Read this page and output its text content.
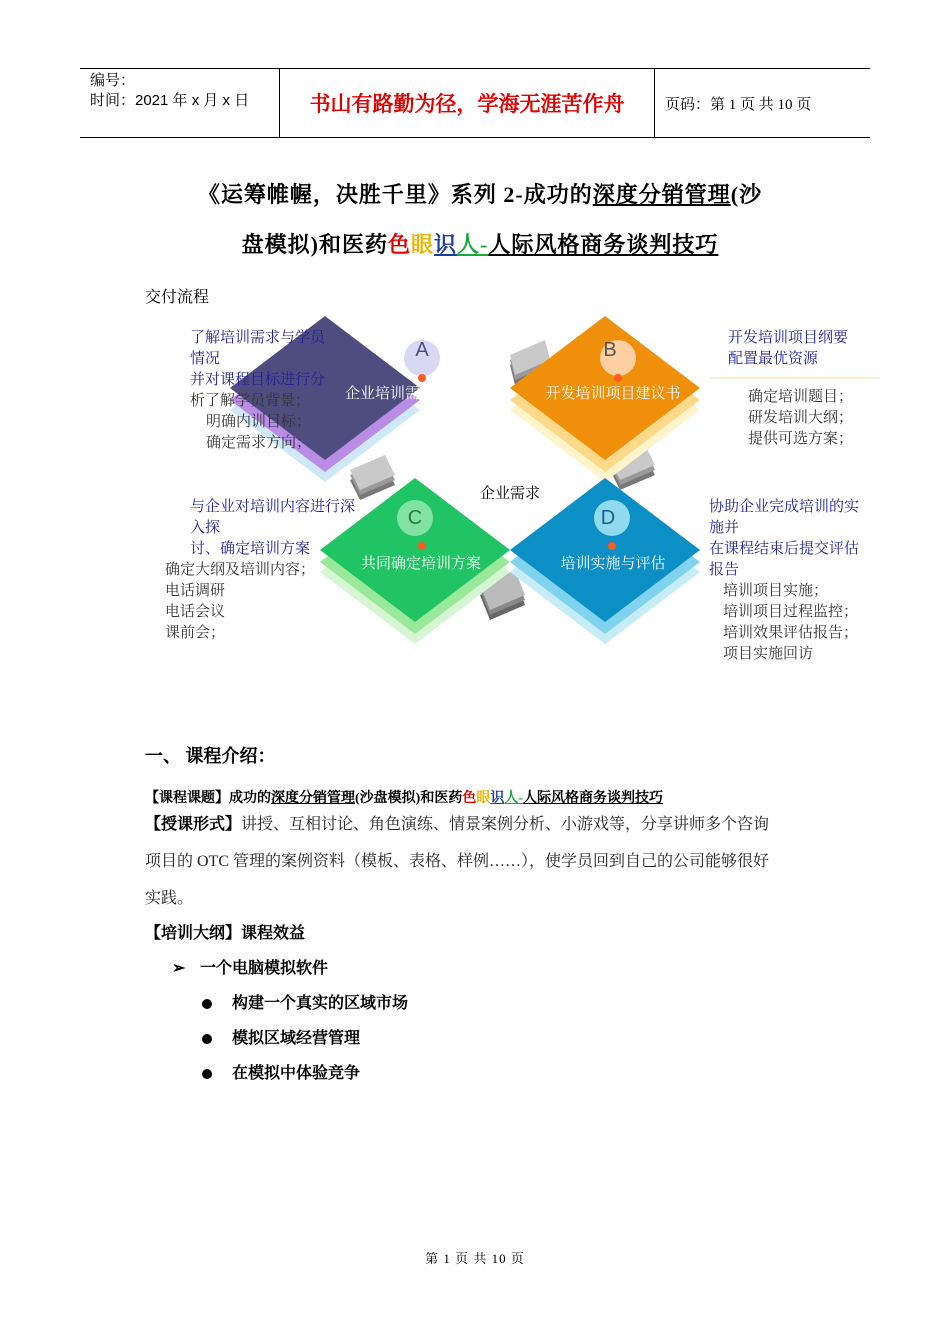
编号：
时间：2021 年 x 月 x 日	书山有路勤为径，学海无涯苦作舟	页码：第 1 页 共 10 页
《运筹帷幄，决胜千里》系列 2-成功的深度分销管理(沙
盘模拟)和医药色眼识人-人际风格商务谈判技巧
交付流程
A	B
C	D
企业培训需求分析	开发培训项目建议书
共同确定培训方案	培训实施与评估
企业需求
了解培训需求与学员
情况
并对课程目标进行分
析了解学员背景；
明确内训目标；
确定需求方向；
开发培训项目纲要
配置最优资源
确定培训题目；
研发培训大纲；
提供可选方案；
与企业对培训内容进行深
入探
讨、确定培训方案
确定大纲及培训内容；
电话调研
电话会议
课前会；
协助企业完成培训的实
施并
在课程结束后提交评估
报告
培训项目实施；
培训项目过程监控；
培训效果评估报告；
项目实施回访
一、 课程介绍：
【课程课题】成功的深度分销管理(沙盘模拟)和医药色眼识人-人际风格商务谈判技巧
【授课形式】讲授、互相讨论、角色演练、情景案例分析、小游戏等，分享讲师多个咨询
项目的 OTC 管理的案例资料（模板、表格、样例……），使学员回到自己的公司能够很好
实践。
【培训大纲】课程效益
➢ 一个电脑模拟软件
构建一个真实的区域市场
模拟区域经营管理
在模拟中体验竞争
第 1 页 共 10 页
